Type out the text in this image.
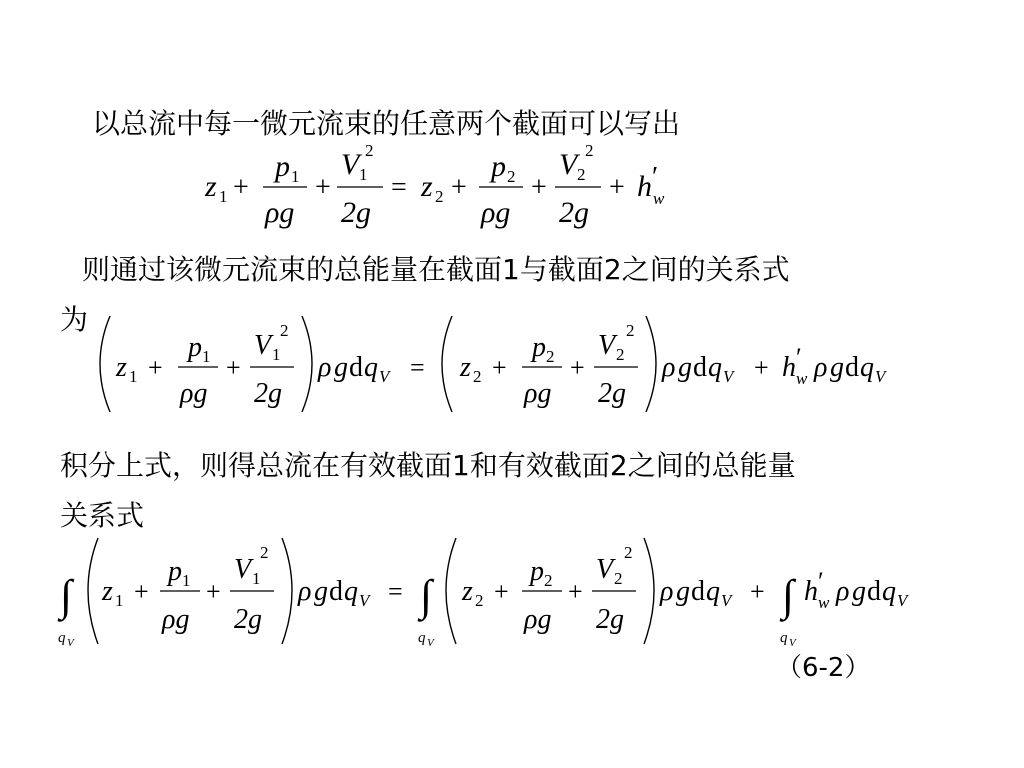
以总流中每一微元流束的任意两个截面可以写出
z 1 +
p 1
ρg
+
V 1
2
2g
= z 2 +
p 2
ρg
+
V 2
2
2g
+ h ′
w
则通过该微元流束的总能量在截面1与截面2之间的关系式
为
z 1 +
p 1
ρg
+
V 1
2
2g
ρ g d q V = z 2 +
p 2
ρg
+
V 2
2
2g
ρ g d q V + h ′
w ρ g d q V
积分上式，则得总流在有效截面1和有效截面2之间的总能量
关系式
∫
q V
z 1 +
p 1
ρg
+
V 1
2
2g
ρ g d q V = ∫
q V
z 2 +
p 2
ρg
+
V 2
2
2g
ρ g d q V + ∫
q V
h ′
w ρ g d q V
（6-2）
